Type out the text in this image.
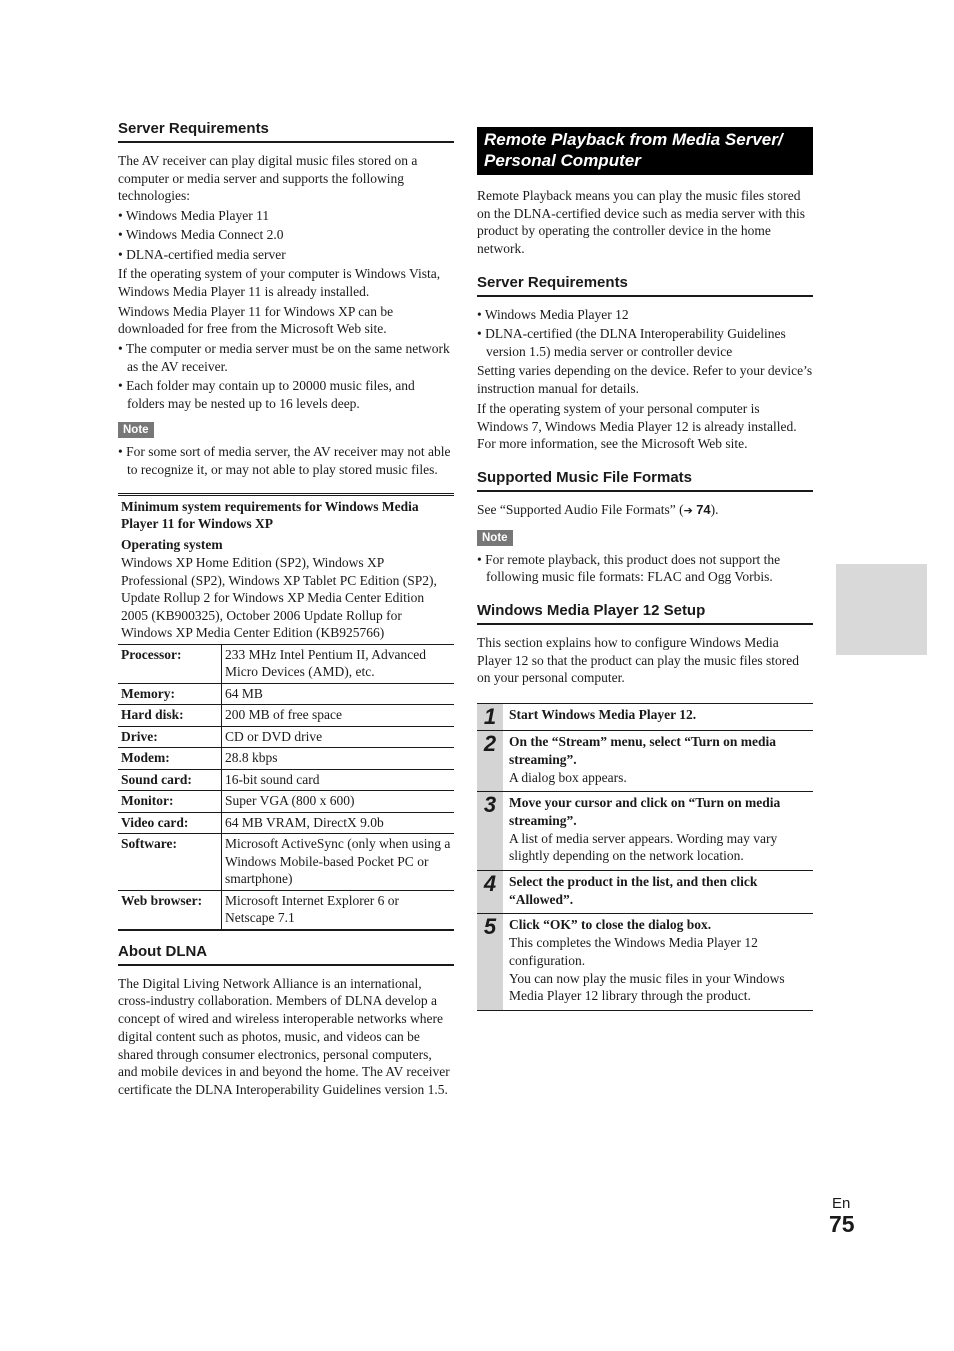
Server Requirements

The AV receiver can play digital music files stored on a computer or media server and supports the following technologies:

• Windows Media Player 11
• Windows Media Connect 2.0
• DLNA-certified media server

If the operating system of your computer is Windows Vista, Windows Media Player 11 is already installed.

Windows Media Player 11 for Windows XP can be downloaded for free from the Microsoft Web site.

• The computer or media server must be on the same network as the AV receiver.
• Each folder may contain up to 20000 music files, and folders may be nested up to 16 levels deep.
Note
• For some sort of media server, the AV receiver may not able to recognize it, or may not able to play stored music files.
Minimum system requirements for Windows Media Player 11 for Windows XP
Operating system
Windows XP Home Edition (SP2), Windows XP Professional (SP2), Windows XP Tablet PC Edition (SP2), Update Rollup 2 for Windows XP Media Center Edition 2005 (KB900325), October 2006 Update Rollup for Windows XP Media Center Edition (KB925766)
Processor:	233 MHz Intel Pentium II, Advanced Micro Devices (AMD), etc.
Memory:	64 MB
Hard disk:	200 MB of free space
Drive:	CD or DVD drive
Modem:	28.8 kbps
Sound card:	16-bit sound card
Monitor:	Super VGA (800 x 600)
Video card:	64 MB VRAM, DirectX 9.0b
Software:	Microsoft ActiveSync (only when using a Windows Mobile-based Pocket PC or smartphone)
Web browser:	Microsoft Internet Explorer 6 or Netscape 7.1
About DLNA

The Digital Living Network Alliance is an international, cross-industry collaboration. Members of DLNA develop a concept of wired and wireless interoperable networks where digital content such as photos, music, and videos can be shared through consumer electronics, personal computers, and mobile devices in and beyond the home. The AV receiver certificate the DLNA Interoperability Guidelines version 1.5.

Remote Playback from Media Server/ Personal Computer

Remote Playback means you can play the music files stored on the DLNA-certified device such as media server with this product by operating the controller device in the home network.

Server Requirements
• Windows Media Player 12
• DLNA-certified (the DLNA Interoperability Guidelines version 1.5) media server or controller device

Setting varies depending on the device. Refer to your device’s instruction manual for details.

If the operating system of your personal computer is Windows 7, Windows Media Player 12 is already installed. For more information, see the Microsoft Web site.

Supported Music File Formats

See “Supported Audio File Formats” (➔ 74).

Note
• For remote playback, this product does not support the following music file formats: FLAC and Ogg Vorbis.
Windows Media Player 12 Setup

This section explains how to configure Windows Media Player 12 so that the product can play the music files stored on your personal computer.

1 Start Windows Media Player 12.
2 On the “Stream” menu, select “Turn on media streaming”.
A dialog box appears.
3 Move your cursor and click on “Turn on media streaming”.
A list of media server appears. Wording may vary slightly depending on the network location.
4 Select the product in the list, and then click “Allowed”.
5 Click “OK” to close the dialog box.
This completes the Windows Media Player 12 configuration.
You can now play the music files in your Windows Media Player 12 library through the product.
En
75
